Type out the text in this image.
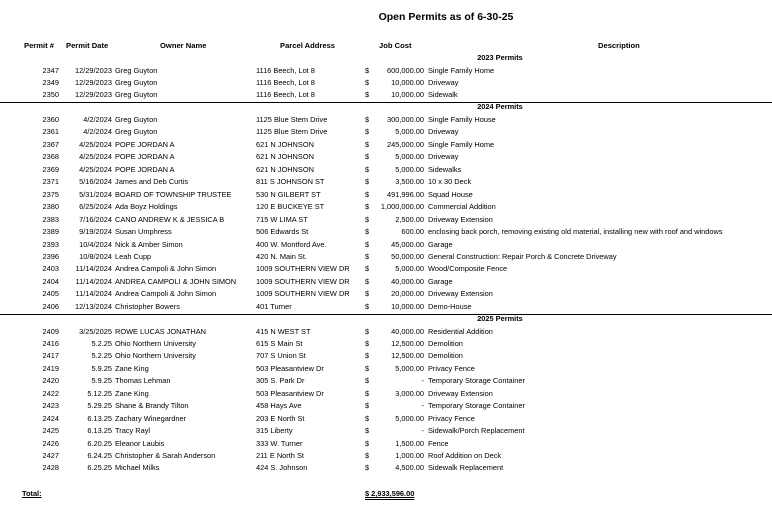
Open Permits as of 6-30-25
Permit # Permit Date	Owner Name	Parcel Address	Job Cost	Description
2023 Permits
2347 12/29/2023 Greg Guyton	1116 Beech, Lot 8	$ 600,000.00 Single Family Home
2349 12/29/2023 Greg Guyton	1116 Beech, Lot 8	$	10,000.00 Driveway
2350 12/29/2023 Greg Guyton	1116 Beech, Lot 8	$	10,000.00 Sidewalk
2024 Permits
2360	4/2/2024 Greg Guyton	1125 Blue Stem Drive	$ 300,000.00 Single Family House
2361	4/2/2024 Greg Guyton	1125 Blue Stem Drive	$	5,000.00 Driveway
2367	4/25/2024 POPE JORDAN A	621 N JOHNSON	$ 245,000.00 Single Family Home
2368	4/25/2024 POPE JORDAN A	621 N JOHNSON	$	5,000.00 Driveway
2369	4/25/2024 POPE JORDAN A	621 N JOHNSON	$	5,000.00 Sidewalks
2371	5/16/2024 James and Deb Curtis	811 S JOHNSON ST	$	3,500.00 10 x 30 Deck
2375	5/31/2024 BOARD OF TOWNSHIP TRUSTEE	530 N GILBERT ST	$ 491,996.00 Squad House
2380	6/25/2024 Ada Boyz Holdings	120 E BUCKEYE ST	$ 1,000,000.00 Commercial Addition
2383	7/16/2024 CANO ANDREW K & JESSICA B	715 W LIMA ST	$	2,500.00 Driveway Extension
2389	9/19/2024 Susan Umphress	506 Edwards St	$	600.00 enclosing back porch, removing existing old material, installing new with roof and windows
2393	10/4/2024 Nick & Amber Simon	400 W. Montford Ave.	$	45,000.00 Garage
2396	10/8/2024 Leah Cupp	420 N. Main St.	$	50,000.00 General Construction: Repair Porch & Concrete Driveway
2403 11/14/2024 Andrea Campoli & John Simon	1009 SOUTHERN VIEW DR $	5,000.00 Wood/Composite Fence
2404 11/14/2024 ANDREA CAMPOLI & JOHN SIMON	1009 SOUTHERN VIEW DR $	40,000.00 Garage
2405 11/14/2024 Andrea Campoli & John Simon	1009 SOUTHERN VIEW DR $	20,000.00 Driveway Extension
2406 12/13/2024 Christopher Bowers	401 Turner	$	10,000.00 Demo-House
2025 Permits
2409	3/25/2025 ROWE LUCAS JONATHAN	415 N WEST ST	$	40,000.00 Residential Addition
2416	5.2.25 Ohio Northern University	615 S Main St	$	12,500.00 Demolition
2417	5.2.25 Ohio Northern University	707 S Union St	$	12,500.00 Demolition
2419	5.9.25 Zane King	503 Pleasantview Dr	$	5,000.00 Privacy Fence
2420	5.9.25 Thomas Lehman	305 S. Park Dr	$	- Temporary Storage Container
2422	5.12.25 Zane King	503 Pleasantview Dr	$	3,000.00 Driveway Extension
2423	5.29.25 Shane & Brandy Tilton	458 Hays Ave	$	- Temporary Storage Container
2424	6.13.25 Zachary Winegardner	203 E North St	$	5,000.00 Privacy Fence
2425	6.13.25 Tracy Rayl	315 Liberty	$	- Sidewalk/Porch Replacement
2426	6.20.25 Eleanor Laubis	333 W. Turner	$	1,500.00 Fence
2427	6.24.25 Christopher & Sarah Anderson	211 E North St	$	1,000.00 Roof Addition on Deck
2428	6.25.25 Michael Milks	424 S. Johnson	$	4,500.00 Sidewalk Replacement
Total:	$ 2,933,596.00
